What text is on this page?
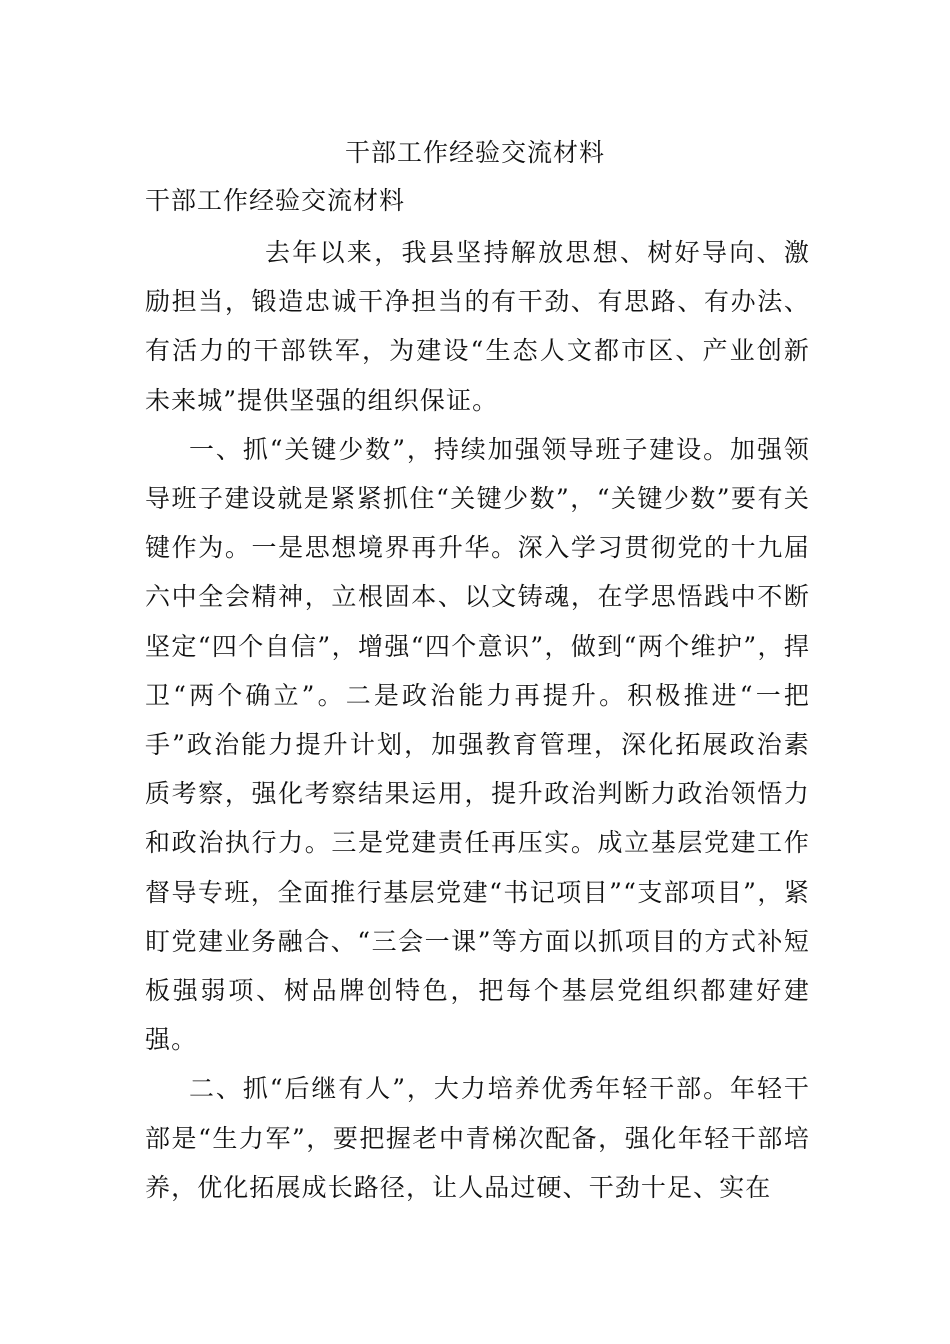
干部工作经验交流材料
干部工作经验交流材料

去年以来，我县坚持解放思想、树好导向、激励担当，锻造忠诚干净担当的有干劲、有思路、有办法、有活力的干部铁军，为建设“生态人文都市区、产业创新未来城”提供坚强的组织保证。

一、抓“关键少数”，持续加强领导班子建设。加强领导班子建设就是紧紧抓住“关键少数”，“关键少数”要有关键作为。一是思想境界再升华。深入学习贯彻党的十九届六中全会精神，立根固本、以文铸魂，在学思悟践中不断坚定“四个自信”，增强“四个意识”，做到“两个维护”，捍卫“两个确立”。二是政治能力再提升。积极推进“一把手”政治能力提升计划，加强教育管理，深化拓展政治素质考察，强化考察结果运用，提升政治判断力政治领悟力和政治执行力。三是党建责任再压实。成立基层党建工作督导专班，全面推行基层党建“书记项目”“支部项目”，紧盯党建业务融合、“三会一课”等方面以抓项目的方式补短板强弱项、树品牌创特色，把每个基层党组织都建好建强。

二、抓“后继有人”，大力培养优秀年轻干部。年轻干部是“生力军”，要把握老中青梯次配备，强化年轻干部培养，优化拓展成长路径，让人品过硬、干劲十足、实在
